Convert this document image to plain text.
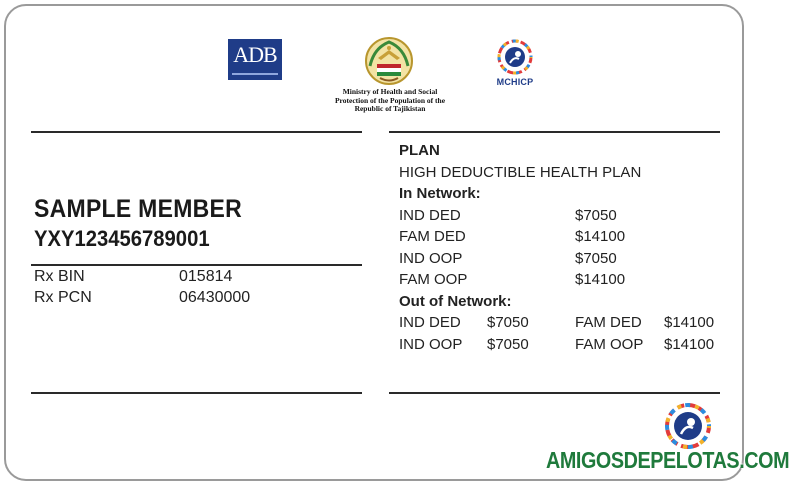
ADB
Ministry of Health and Social Protection of the Population of the Republic of Tajikistan
MCHICP
SAMPLE MEMBER
YXY123456789001
Rx BIN	015814
Rx PCN	06430000
PLAN
HIGH DEDUCTIBLE HEALTH PLAN
In Network:
IND DED	$7050
FAM DED	$14100
IND OOP	$7050
FAM OOP	$14100
Out of Network:
IND DED $7050	FAM DED $14100
IND OOP $7050	FAM OOP $14100
AMIGOSDEPELOTAS.COM
